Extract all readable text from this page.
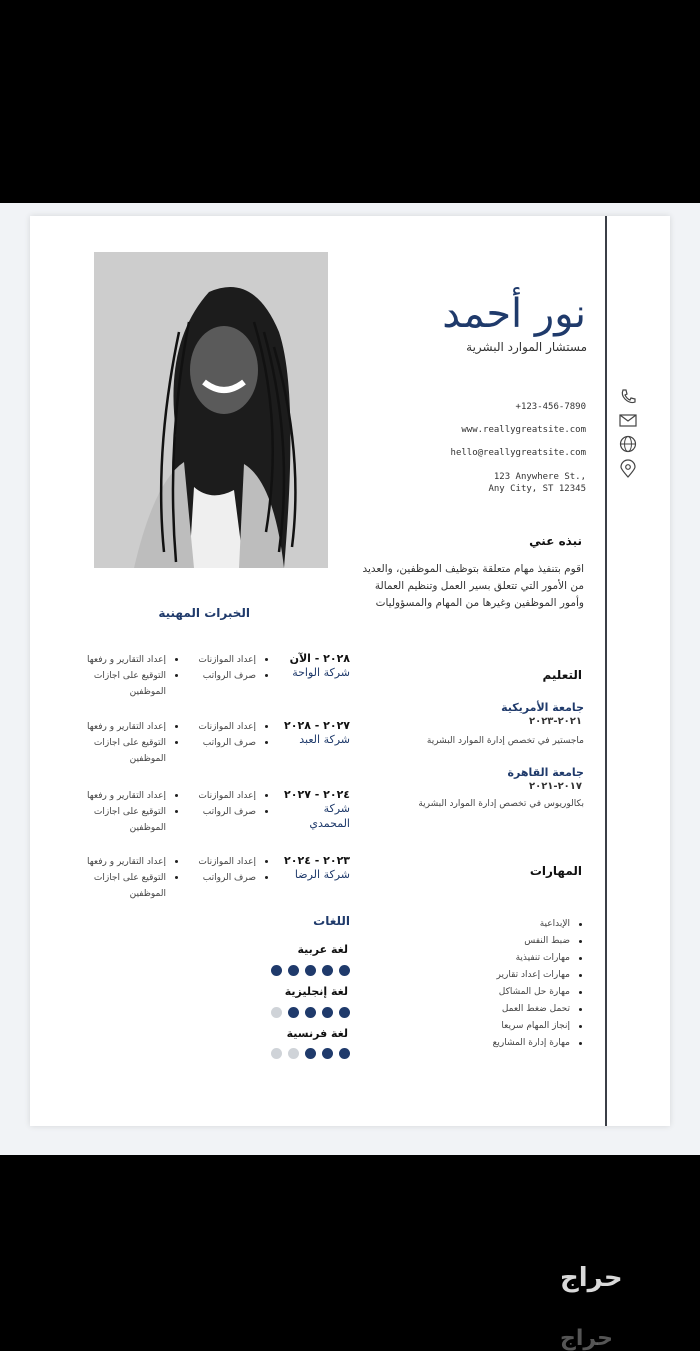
نور أحمد
مستشار الموارد البشرية
+123-456-7890
www.reallygreatsite.com
hello@reallygreatsite.com
123 Anywhere St.,
Any City, ST 12345
نبذه عني
اقوم بتنفيذ مهام متعلقة بتوظيف الموظفين، والعديد من الأمور التي تتعلق بسير العمل وتنظيم العمالة وأمور الموظفين وغيرها من المهام والمسؤوليات
التعليم
جامعة الأمريكية
٢٠٢١-٢٠٢٣
ماجستير في تخصص إدارة الموارد البشرية
جامعة القاهرة
٢٠١٧-٢٠٢١
بكالوريوس في تخصص إدارة الموارد البشرية
المهارات
الإبداعية
ضبط النفس
مهارات تنفيذية
مهارات إعداد تقارير
مهارة حل المشاكل
تحمل ضغط العمل
إنجاز المهام سريعا
مهارة إدارة المشاريع
الخبرات المهنية
٢٠٢٨ - الآن
شركة الواحة
إعداد الموازنات
صرف الرواتب
إعداد التقارير و رفعها
التوقيع على اجازات الموظفين
٢٠٢٧ - ٢٠٢٨
شركة العبد
إعداد الموازنات
صرف الرواتب
إعداد التقارير و رفعها
التوقيع على اجازات الموظفين
٢٠٢٤ - ٢٠٢٧
شركة المحمدي
إعداد الموازنات
صرف الرواتب
إعداد التقارير و رفعها
التوقيع على اجازات الموظفين
٢٠٢٣ - ٢٠٢٤
شركة الرضا
إعداد الموازنات
صرف الرواتب
إعداد التقارير و رفعها
التوقيع على اجازات الموظفين
اللغات
لغة عربية
لغة إنجليزية
لغة فرنسية
حراج
حراج
